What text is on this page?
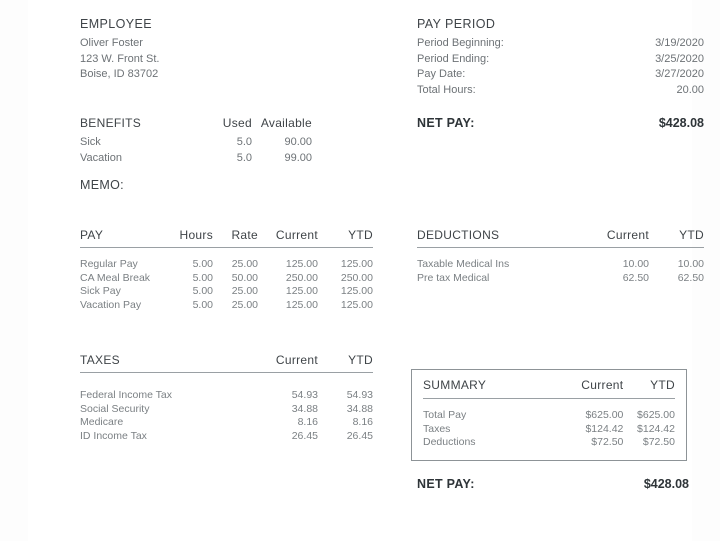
EMPLOYEE
Oliver Foster
123 W. Front St.
Boise, ID 83702
PAY PERIOD
Period Beginning:	3/19/2020
Period Ending:	3/25/2020
Pay Date:	3/27/2020
Total Hours:	20.00
NET PAY:	$428.08
BENEFITS	Used Available
Sick	5.0	90.00
Vacation	5.0	99.00
MEMO:
PAY	Hours	Rate	Current	YTD
Regular Pay	5.00	25.00	125.00	125.00
CA Meal Break	5.00	50.00	250.00	250.00
Sick Pay	5.00	25.00	125.00	125.00
Vacation Pay	5.00	25.00	125.00	125.00
DEDUCTIONS	Current	YTD
Taxable Medical Ins	10.00	10.00
Pre tax Medical	62.50	62.50
TAXES	Current	YTD
Federal Income Tax	54.93	54.93
Social Security	34.88	34.88
Medicare	8.16	8.16
ID Income Tax	26.45	26.45
SUMMARY	Current	YTD
Total Pay	$625.00	$625.00
Taxes	$124.42	$124.42
Deductions	$72.50	$72.50
NET PAY:	$428.08
